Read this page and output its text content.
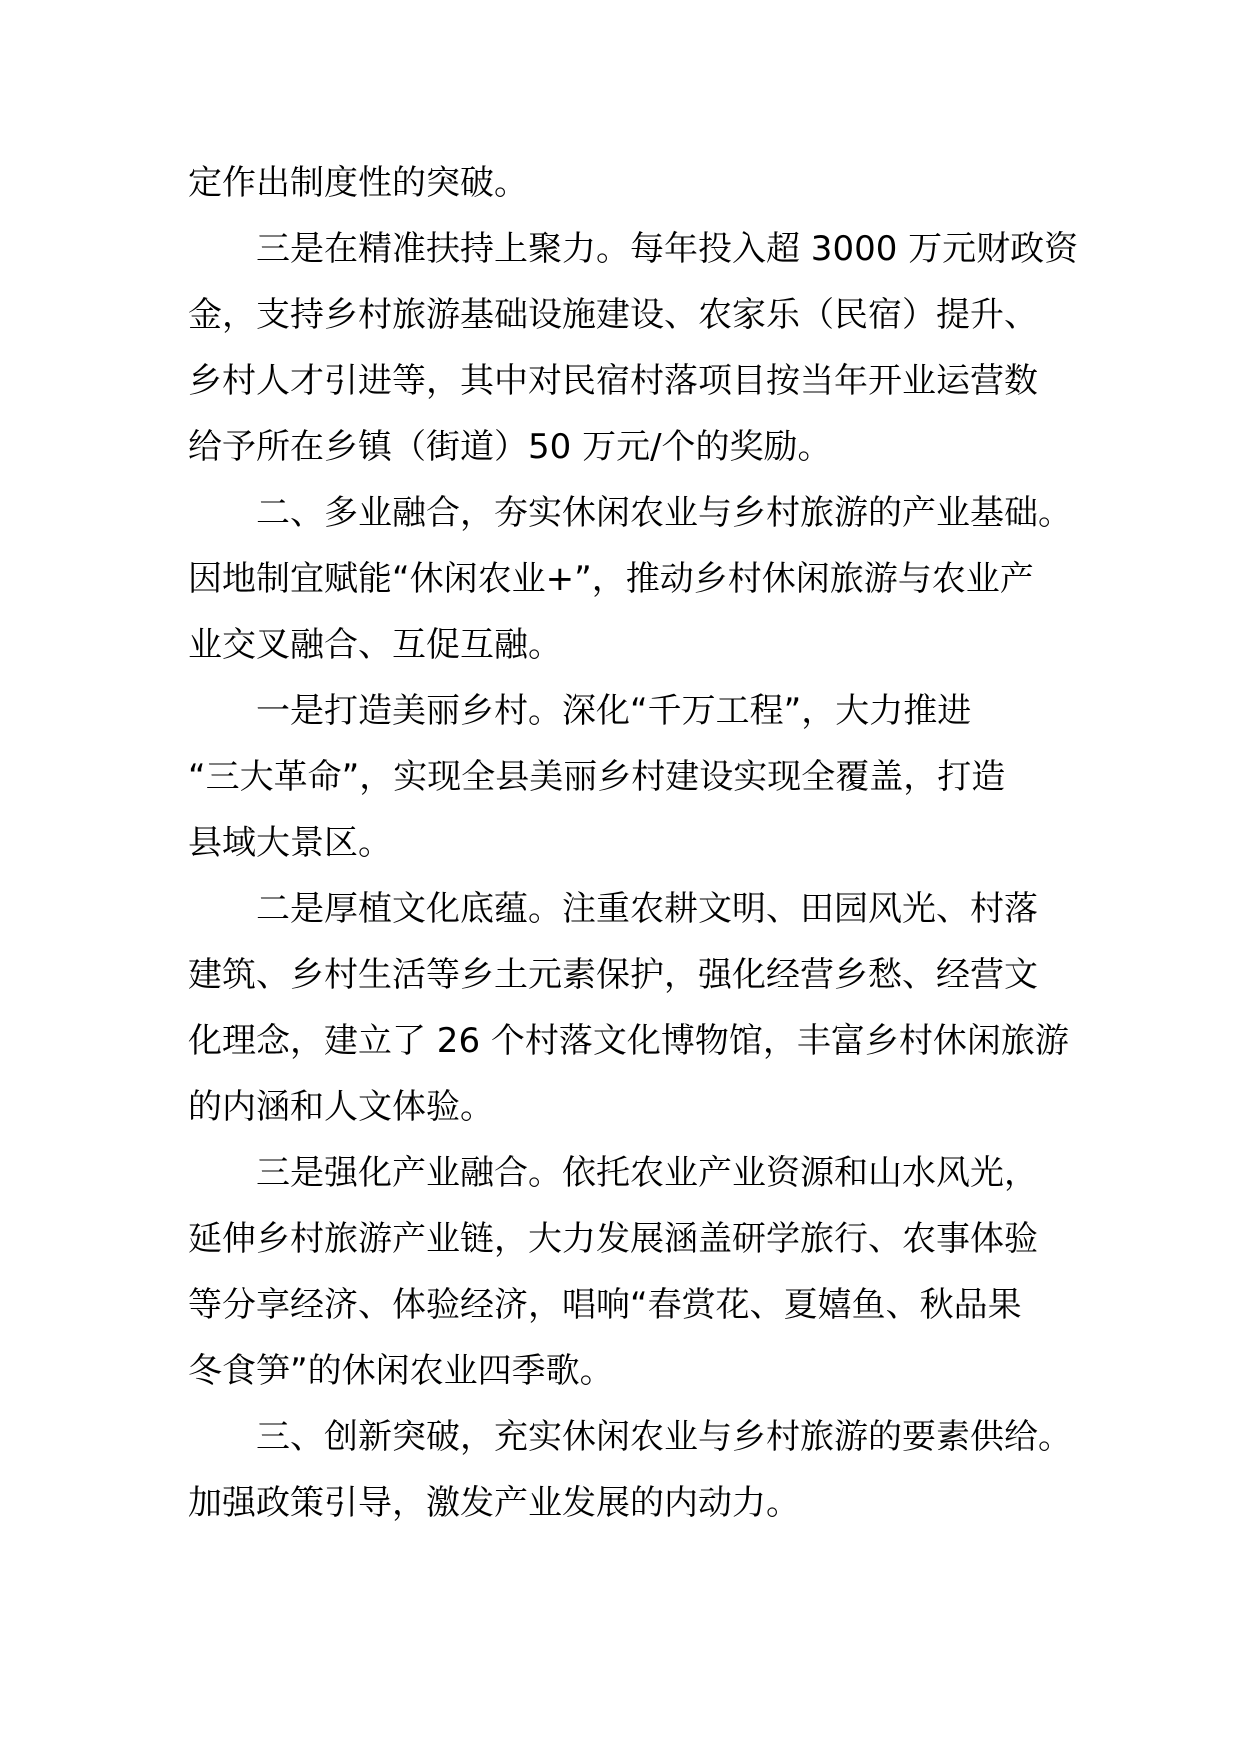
定作出制度性的突破。
三是在精准扶持上聚力。每年投入超 3000 万元财政资
金，支持乡村旅游基础设施建设、农家乐（民宿）提升、
乡村人才引进等，其中对民宿村落项目按当年开业运营数
给予所在乡镇（街道）50 万元/个的奖励。
二、多业融合，夯实休闲农业与乡村旅游的产业基础。
因地制宜赋能“休闲农业+”，推动乡村休闲旅游与农业产
业交叉融合、互促互融。
一是打造美丽乡村。深化“千万工程”，大力推进
“三大革命”，实现全县美丽乡村建设实现全覆盖，打造
县域大景区。
二是厚植文化底蕴。注重农耕文明、田园风光、村落
建筑、乡村生活等乡土元素保护，强化经营乡愁、经营文
化理念，建立了 26 个村落文化博物馆，丰富乡村休闲旅游
的内涵和人文体验。
三是强化产业融合。依托农业产业资源和山水风光，
延伸乡村旅游产业链，大力发展涵盖研学旅行、农事体验
等分享经济、体验经济，唱响“春赏花、夏嬉鱼、秋品果
冬食笋”的休闲农业四季歌。
三、创新突破，充实休闲农业与乡村旅游的要素供给。
加强政策引导，激发产业发展的内动力。
